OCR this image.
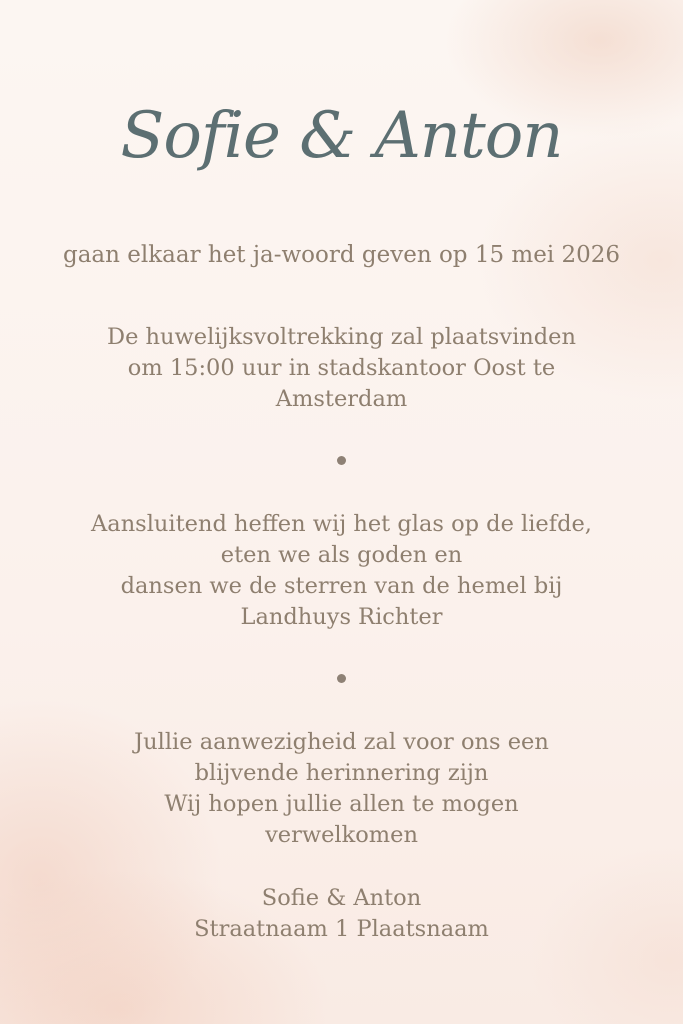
Sofie & Anton
gaan elkaar het ja-woord geven op 15 mei 2026
De huwelijksvoltrekking zal plaatsvinden
om 15:00 uur in stadskantoor Oost te
Amsterdam
Aansluitend heffen wij het glas op de liefde,
eten we als goden en
dansen we de sterren van de hemel bij
Landhuys Richter
Jullie aanwezigheid zal voor ons een
blijvende herinnering zijn
Wij hopen jullie allen te mogen
verwelkomen
Sofie & Anton
Straatnaam 1 Plaatsnaam
